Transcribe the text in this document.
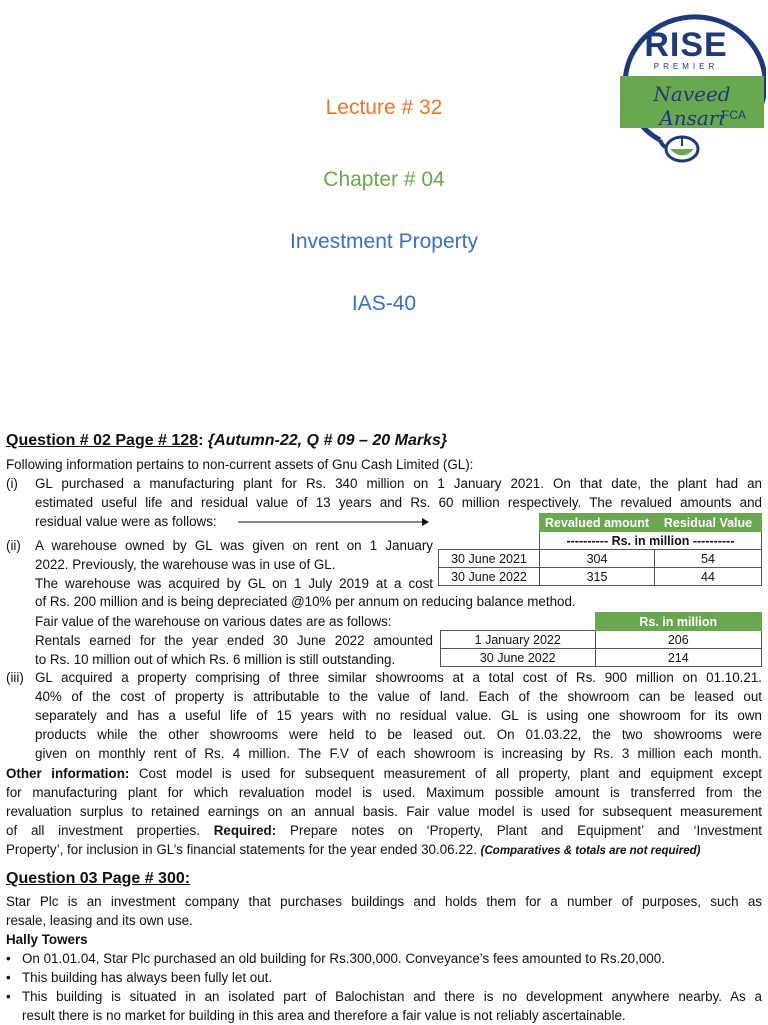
RISE
PREMIER
Naveed Ansari
FCA
Lecture # 32
Chapter # 04
Investment Property
IAS-40
Question # 02 Page # 128: {Autumn-22, Q # 09 – 20 Marks}
Following information pertains to non-current assets of Gnu Cash Limited (GL):
(i) GL purchased a manufacturing plant for Rs. 340 million on 1 January 2021. On that date, the plant had an
estimated useful life and residual value of 13 years and Rs. 60 million respectively. The revalued amounts and
residual value were as follows:
		Revalued amount	Residual Value
	---------- Rs. in million ----------	
30 June 2021	304	54
30 June 2022	315	44
(ii) A warehouse owned by GL was given on rent on 1 January
2022. Previously, the warehouse was in use of GL.
The warehouse was acquired by GL on 1 July 2019 at a cost
of Rs. 200 million and is being depreciated @10% per annum on reducing balance method.
Fair value of the warehouse on various dates are as follows:
Rentals earned for the year ended 30 June 2022 amounted
to Rs. 10 million out of which Rs. 6 million is still outstanding.
	Rs. in million
1 January 2022	206
30 June 2022	214
(iii) GL acquired a property comprising of three similar showrooms at a total cost of Rs. 900 million on 01.10.21.
40% of the cost of property is attributable to the value of land. Each of the showroom can be leased out
separately and has a useful life of 15 years with no residual value. GL is using one showroom for its own
products while the other showrooms were held to be leased out. On 01.03.22, the two showrooms were
given on monthly rent of Rs. 4 million. The F.V of each showroom is increasing by Rs. 3 million each month.
Other information: Cost model is used for subsequent measurement of all property, plant and equipment except
for manufacturing plant for which revaluation model is used. Maximum possible amount is transferred from the
revaluation surplus to retained earnings on an annual basis. Fair value model is used for subsequent measurement
of all investment properties. Required: Prepare notes on ‘Property, Plant and Equipment’ and ‘Investment
Property’, for inclusion in GL’s financial statements for the year ended 30.06.22. (Comparatives & totals are not required)
Question 03 Page # 300:
Star Plc is an investment company that purchases buildings and holds them for a number of purposes, such as
resale, leasing and its own use.
Hally Towers
• On 01.01.04, Star Plc purchased an old building for Rs.300,000. Conveyance’s fees amounted to Rs.20,000.
• This building has always been fully let out.
• This building is situated in an isolated part of Balochistan and there is no development anywhere nearby. As a
result there is no market for building in this area and therefore a fair value is not reliably ascertainable.
